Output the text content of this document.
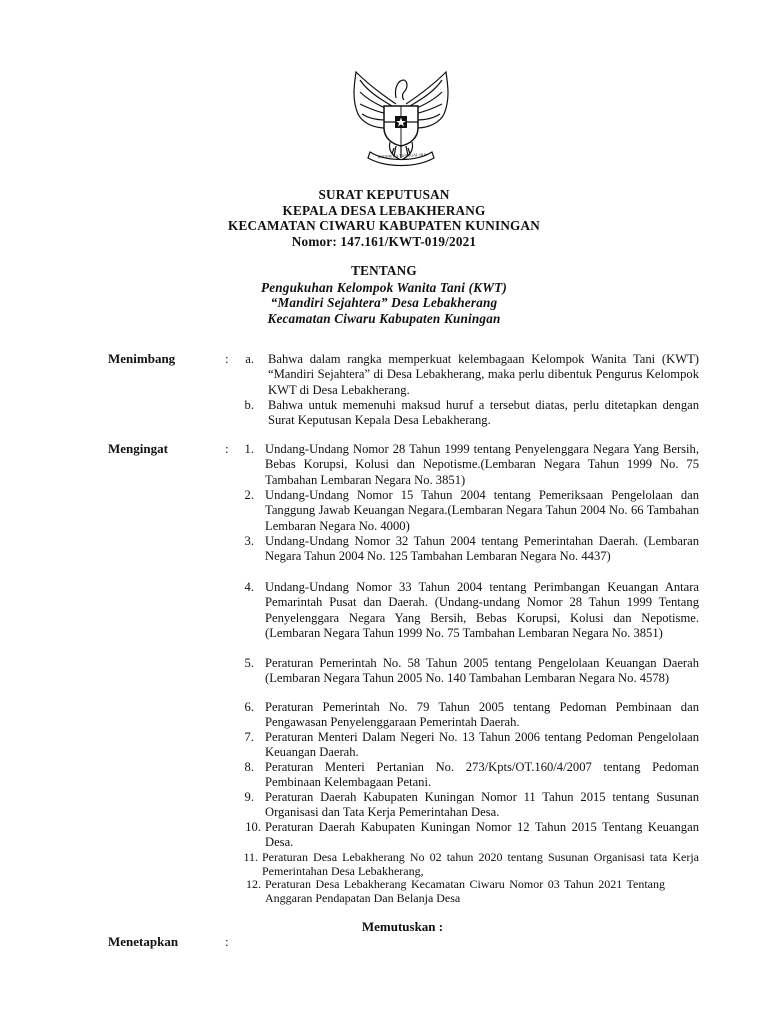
BHINNEKA TUNGGAL IKA
SURAT KEPUTUSAN
KEPALA DESA LEBAKHERANG
KECAMATAN CIWARU KABUPATEN KUNINGAN
Nomor: 147.161/KWT-019/2021
TENTANG
Pengukuhan Kelompok Wanita Tani (KWT)
“Mandiri Sejahtera” Desa Lebakherang
Kecamatan Ciwaru Kabupaten Kuningan
Menimbang	:	a. Bahwa dalam rangka memperkuat kelembagaan Kelompok Wanita Tani (KWT) “Mandiri Sejahtera” di Desa Lebakherang, maka perlu dibentuk Pengurus Kelompok KWT di Desa Lebakherang.
b. Bahwa untuk memenuhi maksud huruf a tersebut diatas, perlu ditetapkan dengan Surat Keputusan Kepala Desa Lebakherang.
Mengingat	:	1. Undang-Undang Nomor 28 Tahun 1999 tentang Penyelenggara Negara Yang Bersih, Bebas Korupsi, Kolusi dan Nepotisme.(Lembaran Negara Tahun 1999 No. 75 Tambahan Lembaran Negara No. 3851)
2. Undang-Undang Nomor 15 Tahun 2004 tentang Pemeriksaan Pengelolaan dan Tanggung Jawab Keuangan Negara.(Lembaran Negara Tahun 2004 No. 66 Tambahan Lembaran Negara No. 4000)
3. Undang-Undang Nomor 32 Tahun 2004 tentang Pemerintahan Daerah. (Lembaran Negara Tahun 2004 No. 125 Tambahan Lembaran Negara No. 4437)
4. Undang-Undang Nomor 33 Tahun 2004 tentang Perimbangan Keuangan Antara Pemarintah Pusat dan Daerah. (Undang-undang Nomor 28 Tahun 1999 Tentang Penyelenggara Negara Yang Bersih, Bebas Korupsi, Kolusi dan Nepotisme.(Lembaran Negara Tahun 1999 No. 75 Tambahan Lembaran Negara No. 3851)
5. Peraturan Pemerintah No. 58 Tahun 2005 tentang Pengelolaan Keuangan Daerah (Lembaran Negara Tahun 2005 No. 140 Tambahan Lembaran Negara No. 4578)
6. Peraturan Pemerintah No. 79 Tahun 2005 tentang Pedoman Pembinaan dan Pengawasan Penyelenggaraan Pemerintah Daerah.
7. Peraturan Menteri Dalam Negeri No. 13 Tahun 2006 tentang Pedoman Pengelolaan Keuangan Daerah.
8. Peraturan Menteri Pertanian No. 273/Kpts/OT.160/4/2007 tentang Pedoman Pembinaan Kelembagaan Petani.
9. Peraturan Daerah Kabupaten Kuningan Nomor 11 Tahun 2015 tentang Susunan Organisasi dan Tata Kerja Pemerintahan Desa.
10. Peraturan Daerah Kabupaten Kuningan Nomor 12 Tahun 2015 Tentang Keuangan Desa.
11. Peraturan Desa Lebakherang No 02 tahun 2020 tentang Susunan Organisasi tata Kerja Pemerintahan Desa Lebakherang,
12. Peraturan Desa Lebakherang Kecamatan Ciwaru Nomor 03 Tahun 2021 Tentang Anggaran Pendapatan Dan Belanja Desa
Memutuskan :
Menetapkan	:
